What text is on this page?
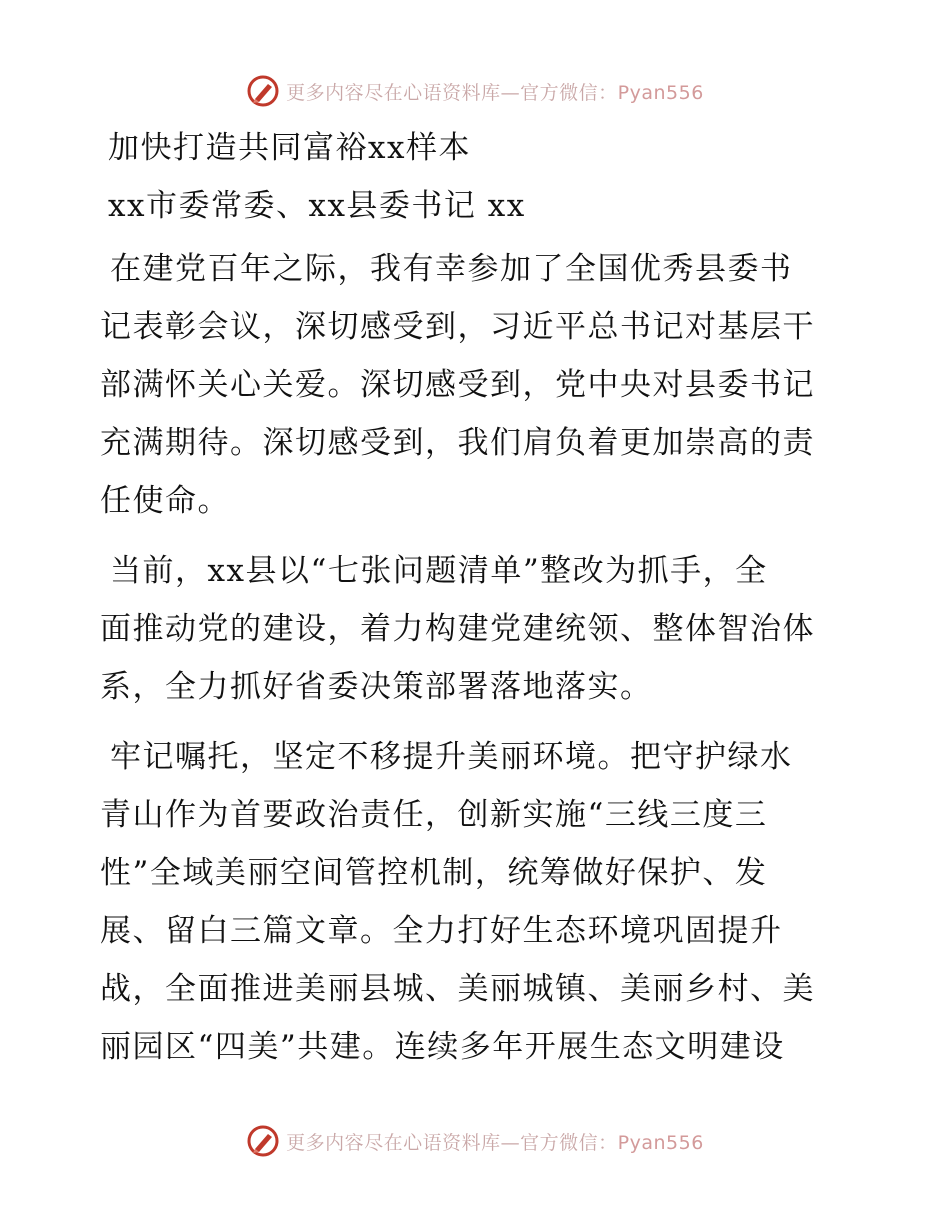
更多内容尽在心语资料库—官方微信：Pyan556

加快打造共同富裕xx样本

xx市委常委、xx县委书记 xx

在建党百年之际，我有幸参加了全国优秀县委书

记表彰会议，深切感受到，习近平总书记对基层干

部满怀关心关爱。深切感受到，党中央对县委书记

充满期待。深切感受到，我们肩负着更加崇高的责

任使命。

当前，xx县以“七张问题清单”整改为抓手，全

面推动党的建设，着力构建党建统领、整体智治体

系，全力抓好省委决策部署落地落实。

牢记嘱托，坚定不移提升美丽环境。把守护绿水

青山作为首要政治责任，创新实施“三线三度三

性”全域美丽空间管控机制，统筹做好保护、发

展、留白三篇文章。全力打好生态环境巩固提升

战，全面推进美丽县城、美丽城镇、美丽乡村、美

丽园区“四美”共建。连续多年开展生态文明建设

更多内容尽在心语资料库—官方微信：Pyan556
